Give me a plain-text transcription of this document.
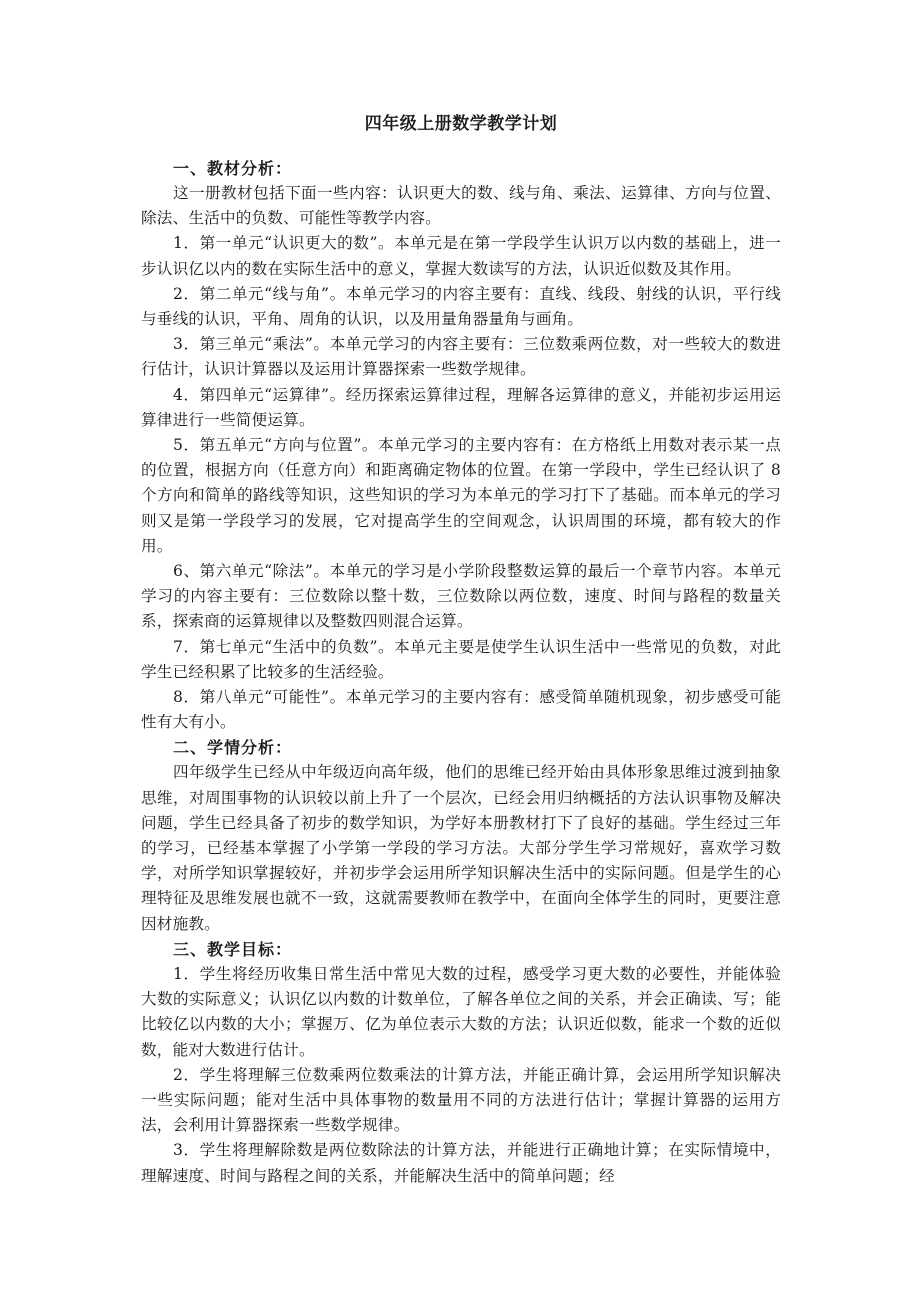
四年级上册数学教学计划

一、教材分析：

这一册教材包括下面一些内容：认识更大的数、线与角、乘法、运算律、方向与位置、除法、生活中的负数、可能性等教学内容。

1．第一单元“认识更大的数”。本单元是在第一学段学生认识万以内数的基础上，进一步认识亿以内的数在实际生活中的意义，掌握大数读写的方法，认识近似数及其作用。

2．第二单元“线与角”。本单元学习的内容主要有：直线、线段、射线的认识，平行线与垂线的认识，平角、周角的认识，以及用量角器量角与画角。

3．第三单元“乘法”。本单元学习的内容主要有：三位数乘两位数，对一些较大的数进行估计，认识计算器以及运用计算器探索一些数学规律。

4．第四单元“运算律”。经历探索运算律过程，理解各运算律的意义，并能初步运用运算律进行一些简便运算。

5．第五单元“方向与位置”。本单元学习的主要内容有：在方格纸上用数对表示某一点的位置，根据方向（任意方向）和距离确定物体的位置。在第一学段中，学生已经认识了 8 个方向和简单的路线等知识，这些知识的学习为本单元的学习打下了基础。而本单元的学习则又是第一学段学习的发展，它对提高学生的空间观念，认识周围的环境，都有较大的作用。

6、第六单元“除法”。本单元的学习是小学阶段整数运算的最后一个章节内容。本单元学习的内容主要有：三位数除以整十数，三位数除以两位数，速度、时间与路程的数量关系，探索商的运算规律以及整数四则混合运算。

7．第七单元“生活中的负数”。本单元主要是使学生认识生活中一些常见的负数，对此学生已经积累了比较多的生活经验。

8．第八单元“可能性”。本单元学习的主要内容有：感受简单随机现象，初步感受可能性有大有小。

二、学情分析：

四年级学生已经从中年级迈向高年级，他们的思维已经开始由具体形象思维过渡到抽象思维，对周围事物的认识较以前上升了一个层次，已经会用归纳概括的方法认识事物及解决问题，学生已经具备了初步的数学知识，为学好本册教材打下了良好的基础。学生经过三年的学习，已经基本掌握了小学第一学段的学习方法。大部分学生学习常规好，喜欢学习数学，对所学知识掌握较好，并初步学会运用所学知识解决生活中的实际问题。但是学生的心理特征及思维发展也就不一致，这就需要教师在教学中，在面向全体学生的同时，更要注意因材施教。

三、教学目标：

1．学生将经历收集日常生活中常见大数的过程，感受学习更大数的必要性，并能体验大数的实际意义；认识亿以内数的计数单位，了解各单位之间的关系，并会正确读、写；能比较亿以内数的大小；掌握万、亿为单位表示大数的方法；认识近似数，能求一个数的近似数，能对大数进行估计。

2．学生将理解三位数乘两位数乘法的计算方法，并能正确计算，会运用所学知识解决一些实际问题；能对生活中具体事物的数量用不同的方法进行估计；掌握计算器的运用方法，会利用计算器探索一些数学规律。

3．学生将理解除数是两位数除法的计算方法，并能进行正确地计算；在实际情境中，理解速度、时间与路程之间的关系，并能解决生活中的简单问题；经
